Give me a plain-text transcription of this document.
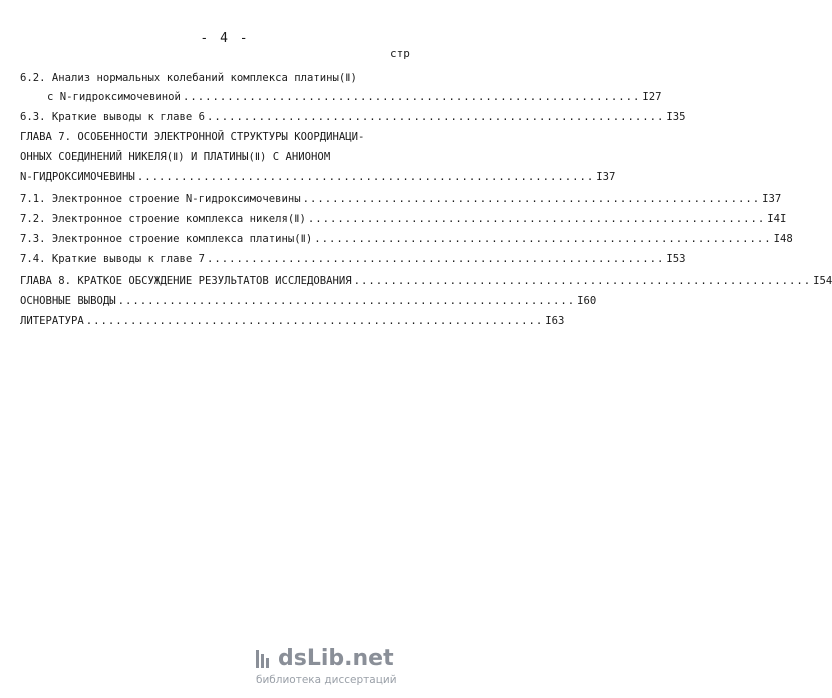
- 4 -
стр
6.2. Анализ нормальных колебаний комплекса платины(Ⅱ)
с N-гидроксимочевиной .............................................................. I27
6.3. Краткие выводы к главе 6 .............................................................. I35
ГЛАВА 7. ОСОБЕННОСТИ ЭЛЕКТРОННОЙ СТРУКТУРЫ КООРДИНАЦИ-
ОННЫХ СОЕДИНЕНИЙ НИКЕЛЯ(Ⅱ) И ПЛАТИНЫ(Ⅱ) С АНИОНОМ
N-ГИДРОКСИМОЧЕВИНЫ .............................................................. I37
7.1. Электронное строение N-гидроксимочевины .............................................................. I37
7.2. Электронное строение комплекса никеля(Ⅱ) .............................................................. I4I
7.3. Электронное строение комплекса платины(Ⅱ) .............................................................. I48
7.4. Краткие выводы к главе 7 .............................................................. I53
ГЛАВА 8. КРАТКОЕ ОБСУЖДЕНИЕ РЕЗУЛЬТАТОВ ИССЛЕДОВАНИЯ .............................................................. I54
ОСНОВНЫЕ ВЫВОДЫ .............................................................. I60
ЛИТЕРАТУРА .............................................................. I63
dsLib.net
библиотека диссертаций
